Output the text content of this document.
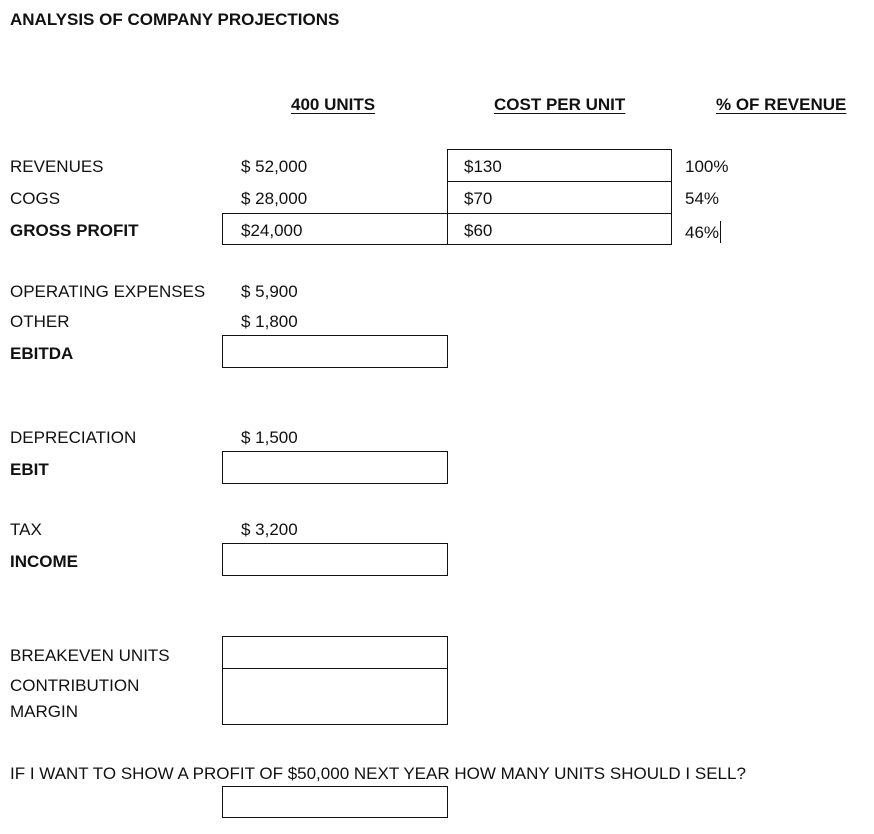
ANALYSIS OF COMPANY PROJECTIONS
400 UNITS	COST PER UNIT	% OF REVENUE
REVENUES	$ 52,000	$130	100%
COGS	$ 28,000	$70	54%
GROSS PROFIT	$24,000	$60	46%
OPERATING EXPENSES $ 5,900
OTHER	$ 1,800
EBITDA
DEPRECIATION	$ 1,500
EBIT
TAX	$ 3,200
INCOME
BREAKEVEN UNITS
CONTRIBUTION
MARGIN
IF I WANT TO SHOW A PROFIT OF $50,000 NEXT YEAR HOW MANY UNITS SHOULD I SELL?
